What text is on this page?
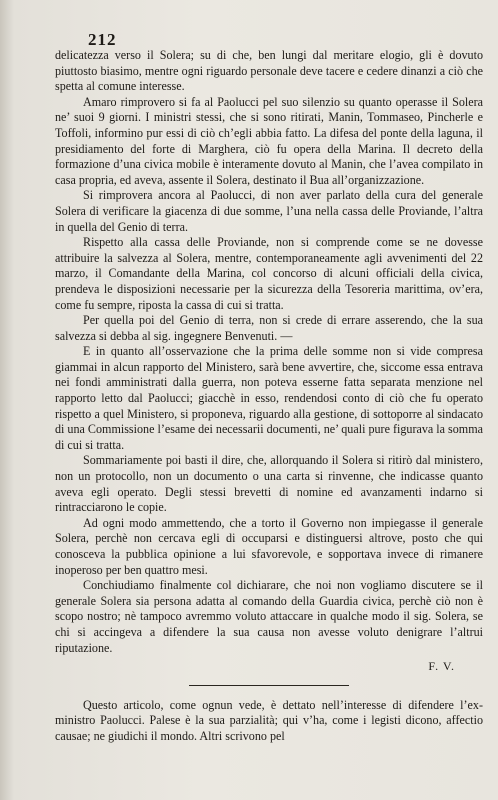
212

delicatezza verso il Solera; su di che, ben lungi dal meritare elogio, gli è dovuto piuttosto biasimo, mentre ogni riguardo personale deve tacere e cedere dinanzi a ciò che spetta al comune interesse.

Amaro rimprovero si fa al Paolucci pel suo silenzio su quanto operasse il Solera ne’ suoi 9 giorni. I ministri stessi, che si sono ritirati, Manin, Tommaseo, Pincherle e Toffoli, informino pur essi di ciò ch’egli abbia fatto. La difesa del ponte della laguna, il presidiamento del forte di Marghera, ciò fu opera della Marina. Il decreto della formazione d’una civica mobile è interamente dovuto al Manin, che l’avea compilato in casa propria, ed aveva, assente il Solera, destinato il Bua all’organizzazione.

Si rimprovera ancora al Paolucci, di non aver parlato della cura del generale Solera di verificare la giacenza di due somme, l’una nella cassa delle Proviande, l’altra in quella del Genio di terra.

Rispetto alla cassa delle Proviande, non si comprende come se ne dovesse attribuire la salvezza al Solera, mentre, contemporaneamente agli avvenimenti del 22 marzo, il Comandante della Marina, col concorso di alcuni officiali della civica, prendeva le disposizioni necessarie per la sicurezza della Tesoreria marittima, ov’era, come fu sempre, riposta la cassa di cui si tratta.

Per quella poi del Genio di terra, non si crede di errare asserendo, che la sua salvezza si debba al sig. ingegnere Benvenuti. —

E in quanto all’osservazione che la prima delle somme non si vide compresa giammai in alcun rapporto del Ministero, sarà bene avvertire, che, siccome essa entrava nei fondi amministrati dalla guerra, non poteva esserne fatta separata menzione nel rapporto letto dal Paolucci; giacchè in esso, rendendosi conto di ciò che fu operato rispetto a quel Ministero, si proponeva, riguardo alla gestione, di sottoporre al sindacato di una Commissione l’esame dei necessarii documenti, ne’ quali pure figurava la somma di cui si tratta.

Sommariamente poi basti il dire, che, allorquando il Solera si ritirò dal ministero, non un protocollo, non un documento o una carta si rinvenne, che indicasse quanto aveva egli operato. Degli stessi brevetti di nomine ed avanzamenti indarno si rintracciarono le copie.

Ad ogni modo ammettendo, che a torto il Governo non impiegasse il generale Solera, perchè non cercava egli di occuparsi e distinguersi altrove, posto che qui conosceva la pubblica opinione a lui sfavorevole, e sopportava invece di rimanere inoperoso per ben quattro mesi.

Conchiudiamo finalmente col dichiarare, che noi non vogliamo discutere se il generale Solera sia persona adatta al comando della Guardia civica, perchè ciò non è scopo nostro; nè tampoco avremmo voluto attaccare in qualche modo il sig. Solera, se chi si accingeva a difendere la sua causa non avesse voluto denigrare l’altrui riputazione.

F. V.

Questo articolo, come ognun vede, è dettato nell’interesse di difendere l’ex-ministro Paolucci. Palese è la sua parzialità; qui v’ha, come i legisti dicono, affectio causae; ne giudichi il mondo. Altri scrivono pel
